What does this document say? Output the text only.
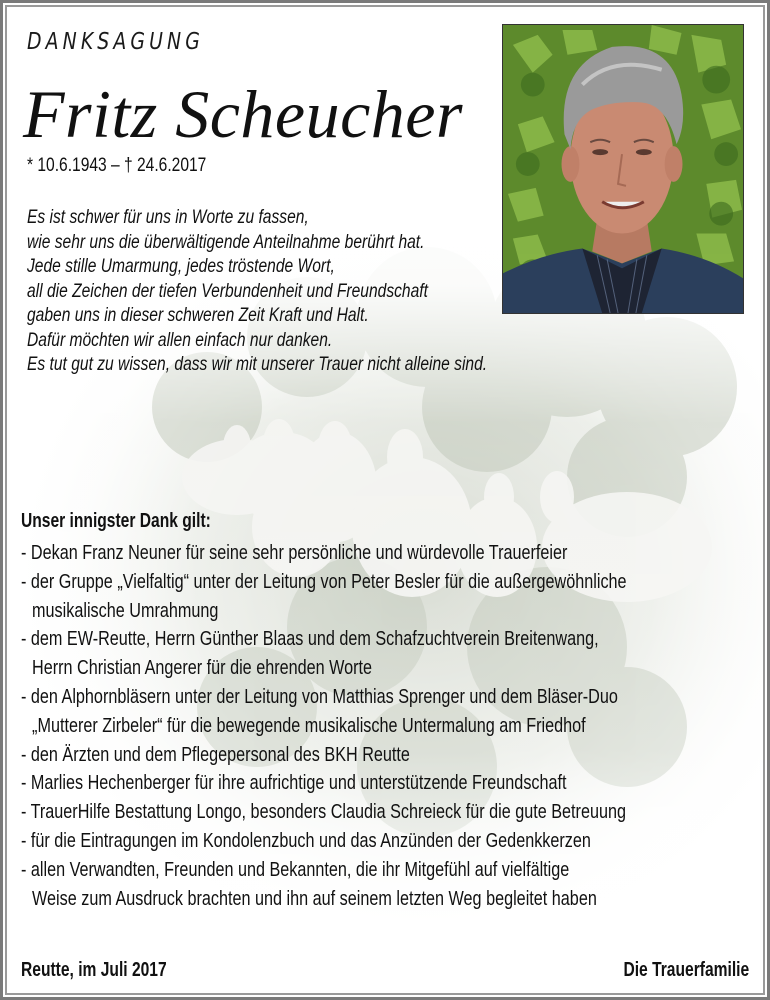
DANKSAGUNG
Fritz Scheucher
* 10.6.1943 – † 24.6.2017
Es ist schwer für uns in Worte zu fassen,
wie sehr uns die überwältigende Anteilnahme berührt hat.
Jede stille Umarmung, jedes tröstende Wort,
all die Zeichen der tiefen Verbundenheit und Freundschaft
gaben uns in dieser schweren Zeit Kraft und Halt.
Dafür möchten wir allen einfach nur danken.
Es tut gut zu wissen, dass wir mit unserer Trauer nicht alleine sind.
Unser innigster Dank gilt:
- Dekan Franz Neuner für seine sehr persönliche und würdevolle Trauerfeier
- der Gruppe „Vielfaltig“ unter der Leitung von Peter Besler für die außergewöhnliche
musikalische Umrahmung
- dem EW-Reutte, Herrn Günther Blaas und dem Schafzuchtverein Breitenwang,
Herrn Christian Angerer für die ehrenden Worte
- den Alphornbläsern unter der Leitung von Matthias Sprenger und dem Bläser-Duo
„Mutterer Zirbeler“ für die bewegende musikalische Untermalung am Friedhof
- den Ärzten und dem Pflegepersonal des BKH Reutte
- Marlies Hechenberger für ihre aufrichtige und unterstützende Freundschaft
- TrauerHilfe Bestattung Longo, besonders Claudia Schreieck für die gute Betreuung
- für die Eintragungen im Kondolenzbuch und das Anzünden der Gedenkkerzen
- allen Verwandten, Freunden und Bekannten, die ihr Mitgefühl auf vielfältige
Weise zum Ausdruck brachten und ihn auf seinem letzten Weg begleitet haben
Reutte, im Juli 2017	Die Trauerfamilie
